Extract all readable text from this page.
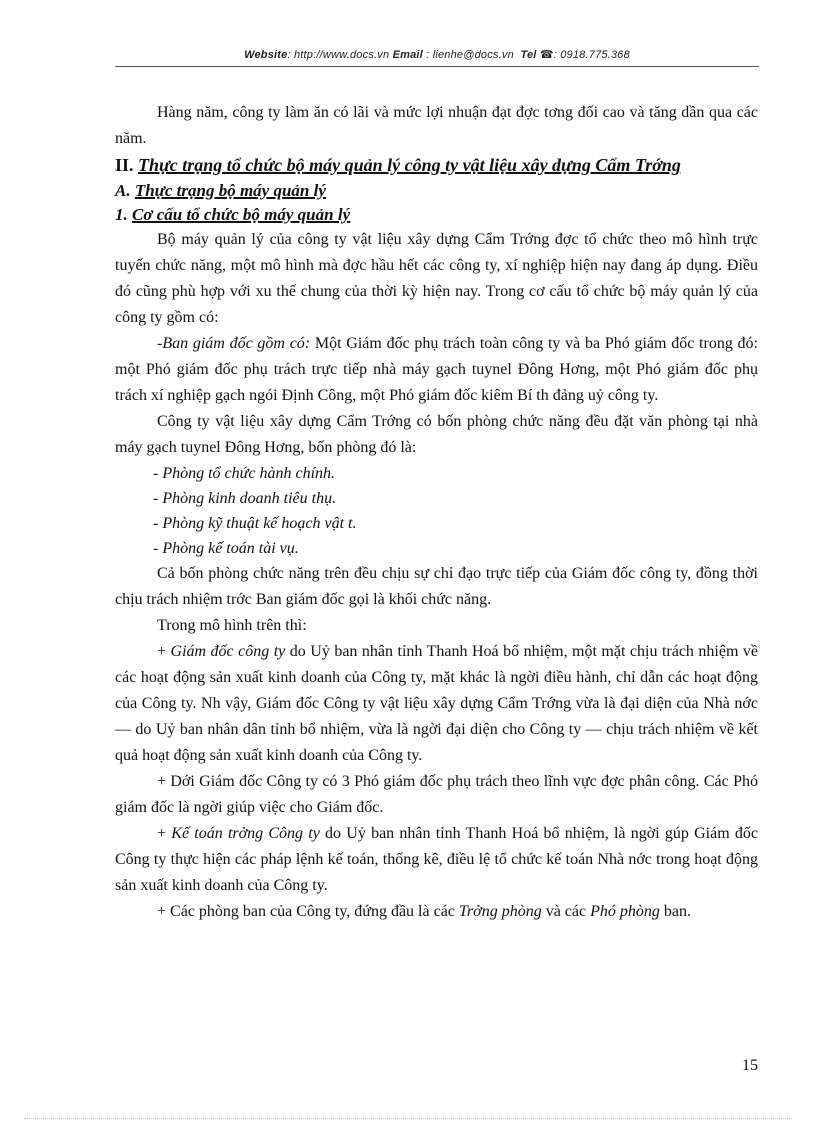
Website: http://www.docs.vn Email : lienhe@docs.vn Tel ☎: 0918.775.368

Hàng năm, công ty làm ăn có lãi và mức lợi nhuận đạt đợc tơng đối cao và tăng dần qua các năm.

II. Thực trạng tổ chức bộ máy quản lý công ty vật liệu xây dựng Cẩm Trớng

A. Thực trạng bộ máy quản lý

1. Cơ cấu tổ chức bộ máy quản lý

Bộ máy quản lý của công ty vật liệu xây dựng Cẩm Trớng đợc tổ chức theo mô hình trực tuyến chức năng, một mô hình mà đợc hầu hết các công ty, xí nghiệp hiện nay đang áp dụng. Điều đó cũng phù hợp với xu thế chung của thời kỳ hiện nay. Trong cơ cấu tổ chức bộ máy quản lý của công ty gồm có:

-Ban giám đốc gồm có: Một Giám đốc phụ trách toàn công ty và ba Phó giám đốc trong đó: một Phó giám đốc phụ trách trực tiếp nhà máy gạch tuynel Đông Hơng, một Phó giám đốc phụ trách xí nghiệp gạch ngói Định Công, một Phó giám đốc kiêm Bí th đảng uỷ công ty.

Công ty vật liệu xây dựng Cẩm Trớng có bốn phòng chức năng đều đặt văn phòng tại nhà máy gạch tuynel Đông Hơng, bốn phòng đó là:

- Phòng tổ chức hành chính.

- Phòng kinh doanh tiêu thụ.

- Phòng kỹ thuật kế hoạch vật t.

- Phòng kế toán tài vụ.

Cả bốn phòng chức năng trên đều chịu sự chỉ đạo trực tiếp của Giám đốc công ty, đồng thời chịu trách nhiệm trớc Ban giám đốc gọi là khối chức năng.

Trong mô hình trên thì:

+ Giám đốc công ty do Uỷ ban nhân tỉnh Thanh Hoá bổ nhiệm, một mặt chịu trách nhiệm về các hoạt động sản xuất kinh doanh của Công ty, mặt khác là ngời điều hành, chỉ dẫn các hoạt động của Công ty. Nh vậy, Giám đốc Công ty vật liệu xây dựng Cẩm Trớng vừa là đại diện của Nhà nớc — do Uỷ ban nhân dân tỉnh bổ nhiệm, vừa là ngời đại diện cho Công ty — chịu trách nhiệm về kết quả hoạt động sản xuất kinh doanh của Công ty.

+ Dới Giám đốc Công ty có 3 Phó giám đốc phụ trách theo lĩnh vực đợc phân công. Các Phó giám đốc là ngời giúp việc cho Giám đốc.

+ Kế toán trởng Công ty do Uỷ ban nhân tỉnh Thanh Hoá bổ nhiệm, là ngời gúp Giám đốc Công ty thực hiện các pháp lệnh kế toán, thống kê, điều lệ tổ chức kế toán Nhà nớc trong hoạt động sản xuất kinh doanh của Công ty.

+ Các phòng ban của Công ty, đứng đầu là các Trởng phòng và các Phó phòng ban.

15
